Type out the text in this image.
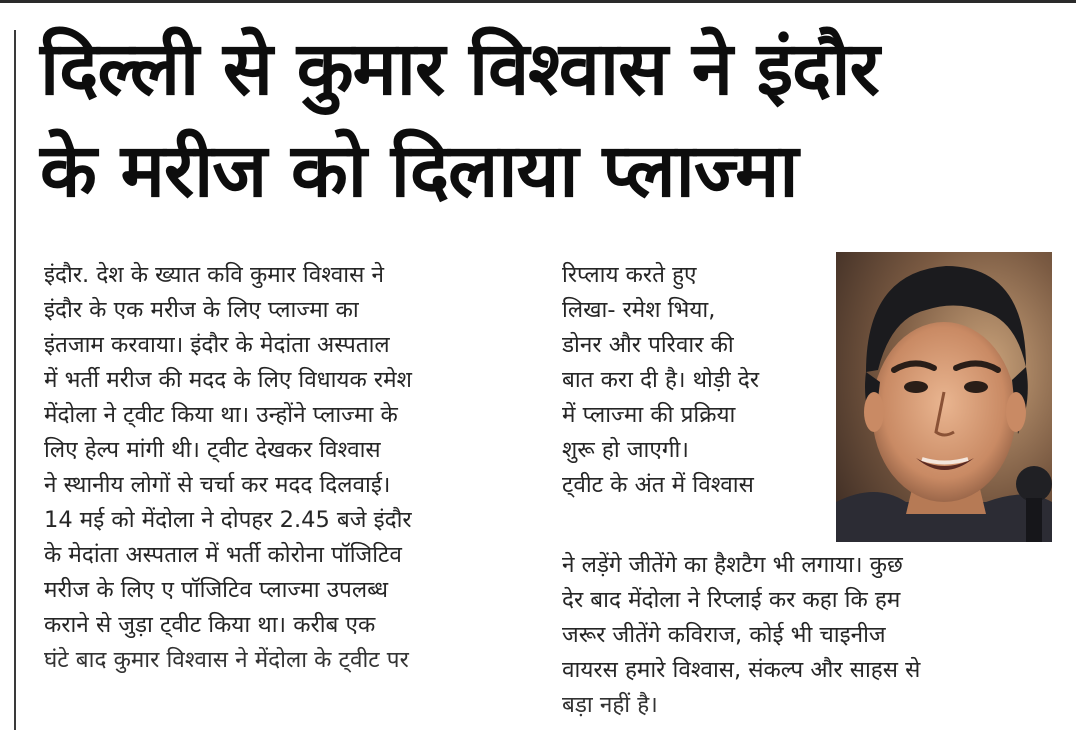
दिल्ली से कुमार विश्वास ने इंदौर
के मरीज को दिलाया प्लाज्मा
इंदौर. देश के ख्यात कवि कुमार विश्वास ने
इंदौर के एक मरीज के लिए प्लाज्मा का
इंतजाम करवाया। इंदौर के मेदांता अस्पताल
में भर्ती मरीज की मदद के लिए विधायक रमेश
मेंदोला ने ट्वीट किया था। उन्होंने प्लाज्मा के
लिए हेल्प मांगी थी। ट्वीट देखकर विश्वास
ने स्थानीय लोगों से चर्चा कर मदद दिलवाई।
14 मई को मेंदोला ने दोपहर 2.45 बजे इंदौर
के मेदांता अस्पताल में भर्ती कोरोना पॉजिटिव
मरीज के लिए ए पॉजिटिव प्लाज्मा उपलब्ध
कराने से जुड़ा ट्वीट किया था। करीब एक
घंटे बाद कुमार विश्वास ने मेंदोला के ट्वीट पर
रिप्लाय करते हुए
लिखा- रमेश भिया,
डोनर और परिवार की
बात करा दी है। थोड़ी देर
में प्लाज्मा की प्रक्रिया
शुरू हो जाएगी।
ट्वीट के अंत में विश्वास
ने लड़ेंगे जीतेंगे का हैशटैग भी लगाया। कुछ
देर बाद मेंदोला ने रिप्लाई कर कहा कि हम
जरूर जीतेंगे कविराज, कोई भी चाइनीज
वायरस हमारे विश्वास, संकल्प और साहस से
बड़ा नहीं है।
